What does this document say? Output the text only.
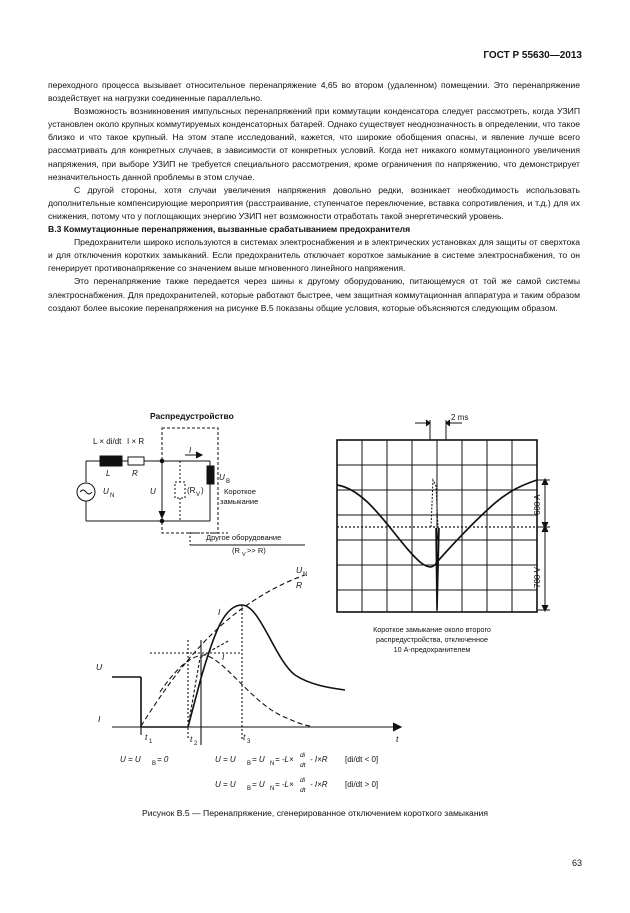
ГОСТ Р 55630—2013

переходного процесса вызывает относительное перенапряжение 4,65 во втором (удаленном) помещении. Это перенапряжение воздействует на нагрузки соединенные параллельно.

Возможность возникновения импульсных перенапряжений при коммутации конденсатора следует рассмотреть, когда УЗИП установлен около крупных коммутируемых конденсаторных батарей. Однако существует неоднозначность в определении, что такое близко и что такое крупный. На этом этапе исследований, кажется, что широкие обобщения опасны, и явление лучше всего рассматривать для конкретных случаев, в зависимости от конкретных условий. Когда нет никакого коммутационного увеличения напряжения, при выборе УЗИП не требуется специального рассмотрения, кроме ограничения по напряжению, что демонстрирует незначительность данной проблемы в этом случае.

С другой стороны, хотя случаи увеличения напряжения довольно редки, возникает необходимость использовать дополнительные компенсирующие мероприятия (расстраивание, ступенчатое переключение, вставка сопротивления, и т.д.) для их снижения, потому что у поглощающих энергию УЗИП нет возможности отработать такой энергетический уровень.

В.3 Коммутационные перенапряжения, вызванные срабатыванием предохранителя

Предохранители широко используются в системах электроснабжения и в электрических установках для защиты от сверхтока и для отключения коротких замыканий. Если предохранитель отключает короткое замыкание в системе электроснабжения, то он генерирует противонапряжение со значением выше мгновенного линейного напряжения.

Это перенапряжение также передается через шины к другому оборудованию, питающемуся от той же самой системы электроснабжения. Для предохранителей, которые работают быстрее, чем защитная коммутационная аппаратура и таким образом создают более высокие перенапряжения на рисунке В.5 показаны общие условия, которые объясняются следующим образом.

Распредустройство
L × di/dt I × R
L	R
I
U B
U N	U	(R V )	Короткое
замыкание
Другое оборудование
(R V >> R)
2 ms
600 A
780 V
Короткое замыкание около второго
распредустройства, отключенное
10 А-предохранителем
U
I
I
I
U N
R
t
t 1	t 2
t 3
U = U B = 0	U = U B = U N = -L× di
dt
- I×R [di/dt < 0]
U = U B = U N = -L× di
dt
- I×R [di/dt > 0]
Рисунок В.5 — Перенапряжение, сгенерированное отключением короткого замыкания
63
